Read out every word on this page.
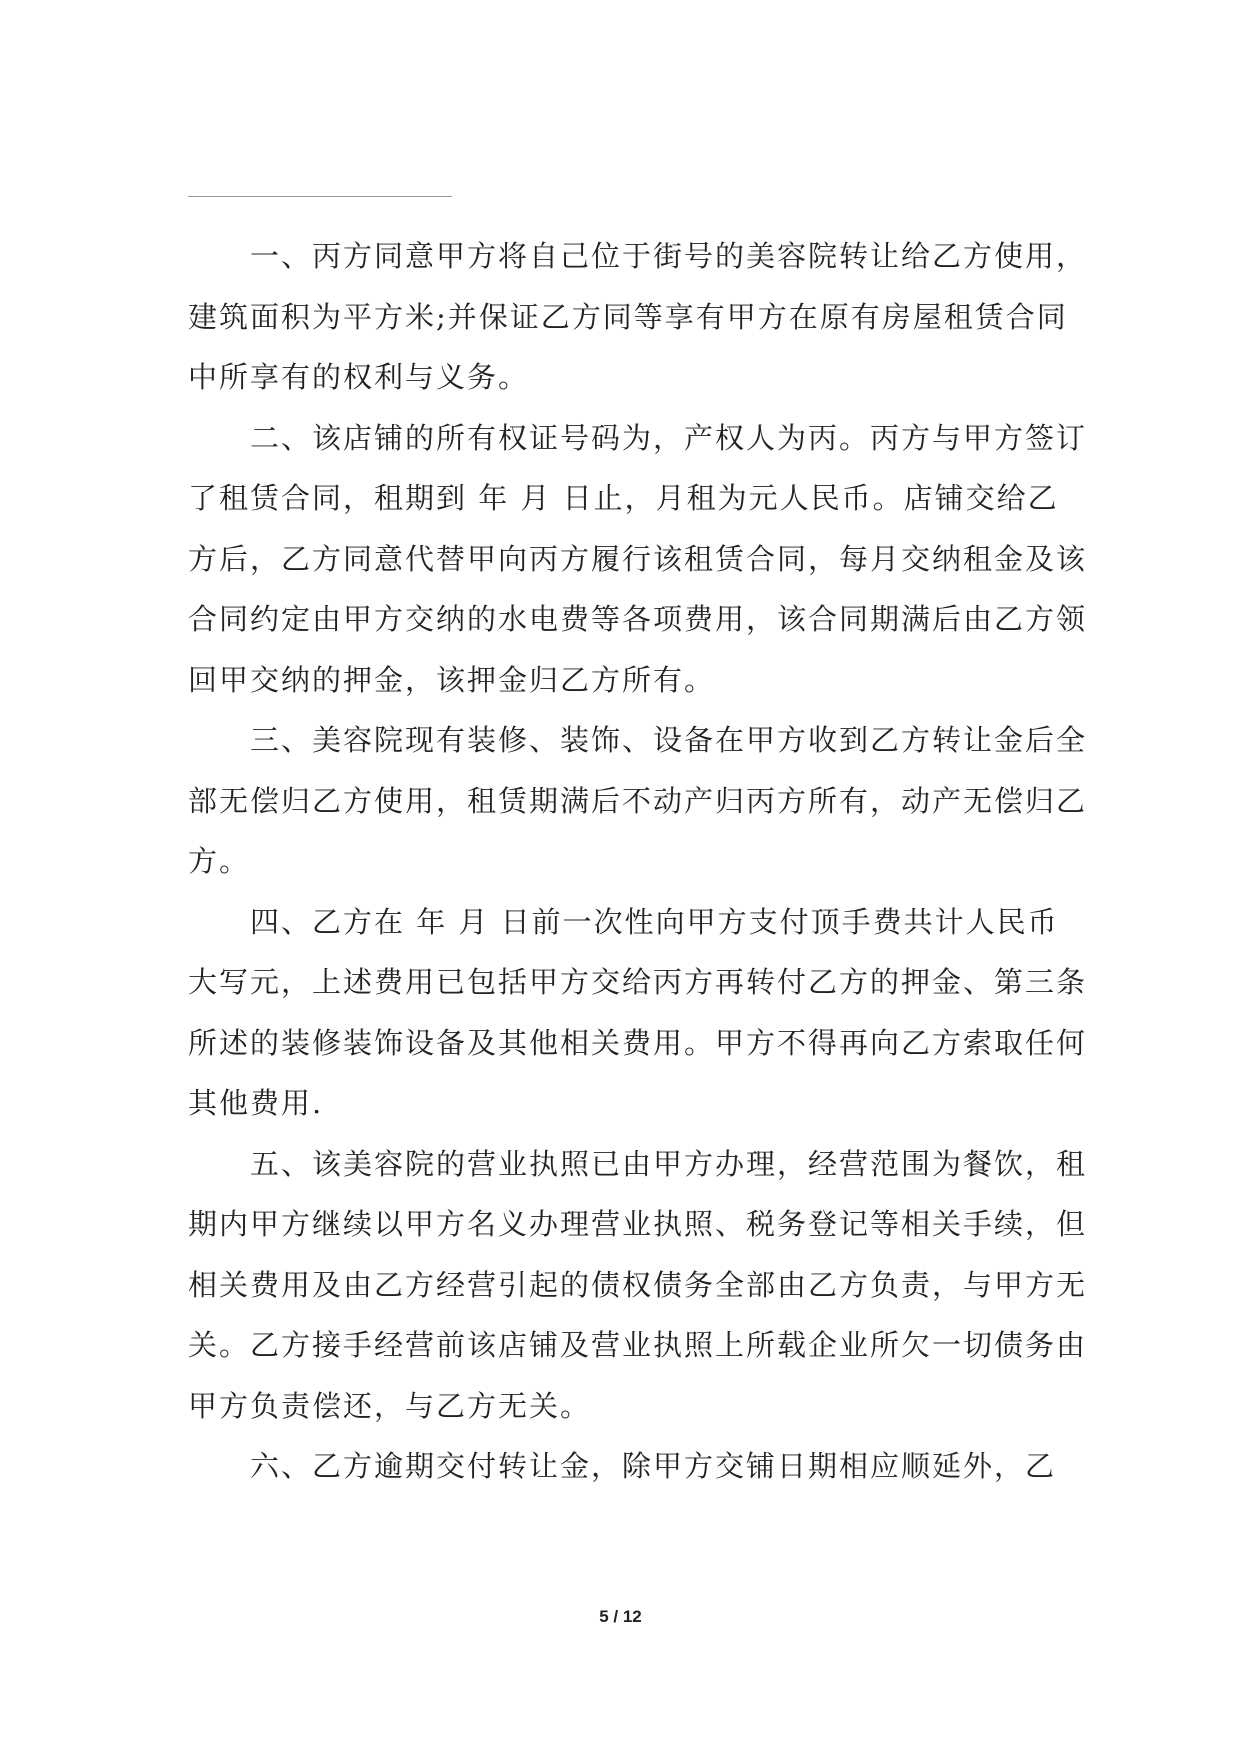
一、丙方同意甲方将自己位于街号的美容院转让给乙方使用，建筑面积为平方米;并保证乙方同等享有甲方在原有房屋租赁合同中所享有的权利与义务。

二、该店铺的所有权证号码为，产权人为丙。丙方与甲方签订了租赁合同，租期到 年 月 日止，月租为元人民币。店铺交给乙方后，乙方同意代替甲向丙方履行该租赁合同，每月交纳租金及该合同约定由甲方交纳的水电费等各项费用，该合同期满后由乙方领回甲交纳的押金，该押金归乙方所有。

三、美容院现有装修、装饰、设备在甲方收到乙方转让金后全部无偿归乙方使用，租赁期满后不动产归丙方所有，动产无偿归乙方。

四、乙方在 年 月 日前一次性向甲方支付顶手费共计人民币大写元，上述费用已包括甲方交给丙方再转付乙方的押金、第三条所述的装修装饰设备及其他相关费用。甲方不得再向乙方索取任何其他费用.

五、该美容院的营业执照已由甲方办理，经营范围为餐饮，租期内甲方继续以甲方名义办理营业执照、税务登记等相关手续，但相关费用及由乙方经营引起的债权债务全部由乙方负责，与甲方无关。乙方接手经营前该店铺及营业执照上所载企业所欠一切债务由甲方负责偿还，与乙方无关。

六、乙方逾期交付转让金，除甲方交铺日期相应顺延外，乙

5 / 12
